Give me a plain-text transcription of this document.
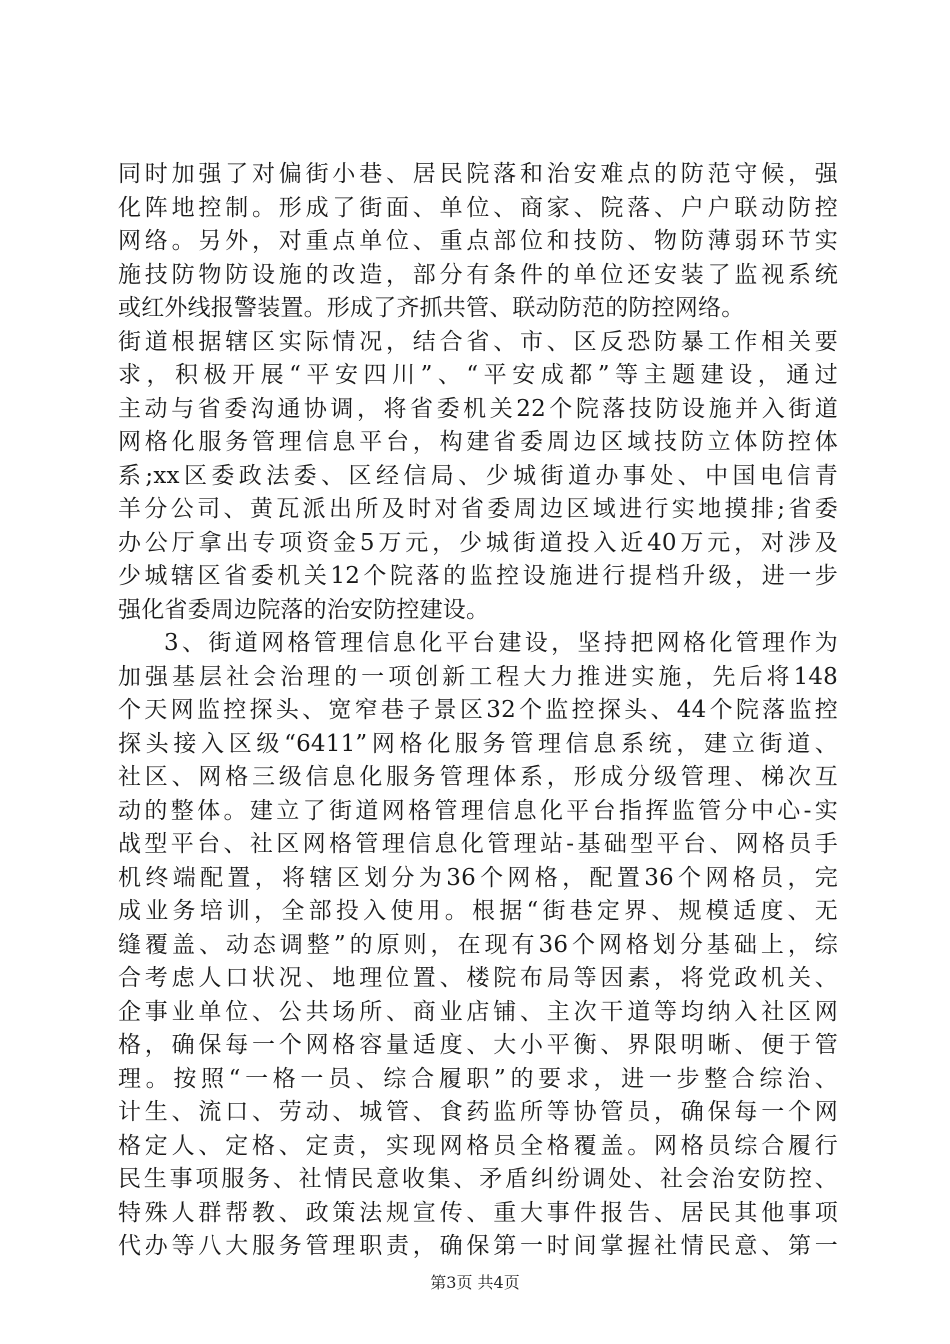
同时加强了对偏街小巷、居民院落和治安难点的防范守候，强
化阵地控制。形成了街面、单位、商家、院落、户户联动防控
网络。另外，对重点单位、重点部位和技防、物防薄弱环节实
施技防物防设施的改造，部分有条件的单位还安装了监视系统
或红外线报警装置。形成了齐抓共管、联动防范的防控网络。
街道根据辖区实际情况，结合省、市、区反恐防暴工作相关要
求，积极开展“平安四川”、“平安成都”等主题建设，通过
主动与省委沟通协调，将省委机关22个院落技防设施并入街道
网格化服务管理信息平台，构建省委周边区域技防立体防控体
系;xx区委政法委、区经信局、少城街道办事处、中国电信青
羊分公司、黄瓦派出所及时对省委周边区域进行实地摸排;省委
办公厅拿出专项资金5万元，少城街道投入近40万元，对涉及
少城辖区省委机关12个院落的监控设施进行提档升级，进一步
强化省委周边院落的治安防控建设。
3、街道网格管理信息化平台建设，坚持把网格化管理作为
加强基层社会治理的一项创新工程大力推进实施，先后将148
个天网监控探头、宽窄巷子景区32个监控探头、44个院落监控
探头接入区级“6411”网格化服务管理信息系统，建立街道、
社区、网格三级信息化服务管理体系，形成分级管理、梯次互
动的整体。建立了街道网格管理信息化平台指挥监管分中心-实
战型平台、社区网格管理信息化管理站-基础型平台、网格员手
机终端配置，将辖区划分为36个网格，配置36个网格员，完
成业务培训，全部投入使用。根据“街巷定界、规模适度、无
缝覆盖、动态调整”的原则，在现有36个网格划分基础上，综
合考虑人口状况、地理位置、楼院布局等因素，将党政机关、
企事业单位、公共场所、商业店铺、主次干道等均纳入社区网
格，确保每一个网格容量适度、大小平衡、界限明晰、便于管
理。按照“一格一员、综合履职”的要求，进一步整合综治、
计生、流口、劳动、城管、食药监所等协管员，确保每一个网
格定人、定格、定责，实现网格员全格覆盖。网格员综合履行
民生事项服务、社情民意收集、矛盾纠纷调处、社会治安防控、
特殊人群帮教、政策法规宣传、重大事件报告、居民其他事项
代办等八大服务管理职责，确保第一时间掌握社情民意、第一
第3页 共4页
